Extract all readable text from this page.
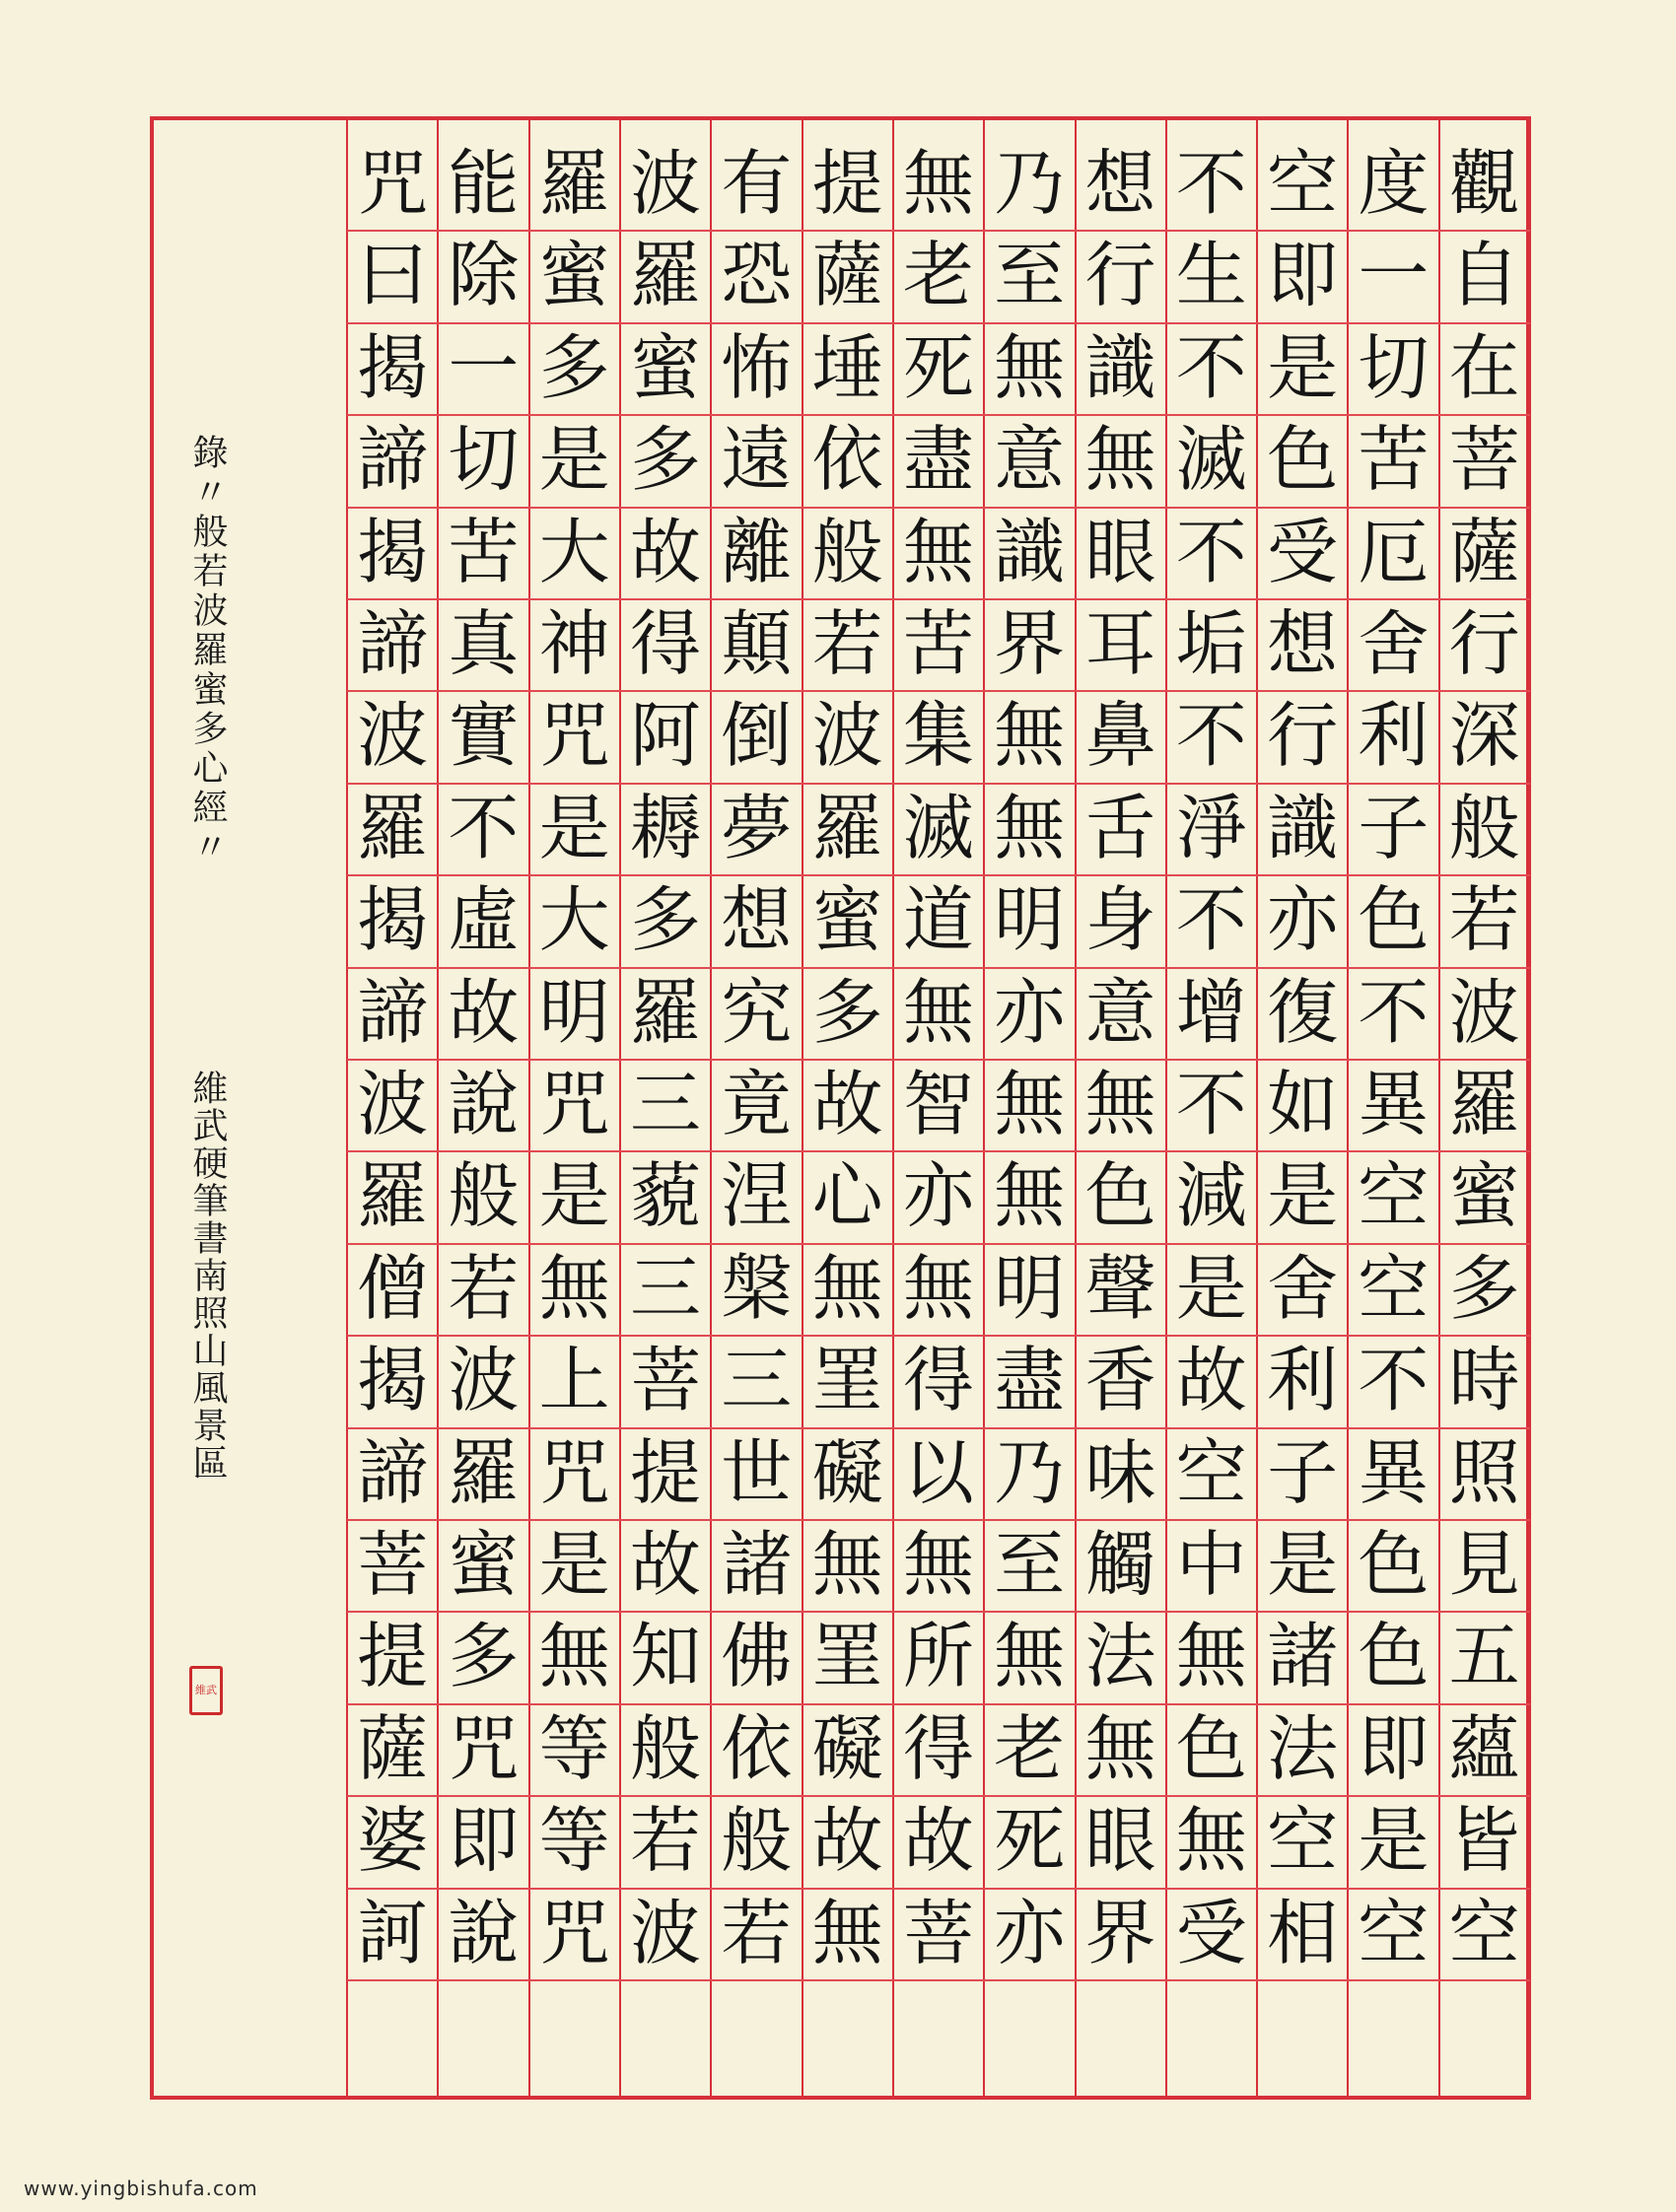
觀
自
在
菩
薩
行
深
般
若
波
羅
蜜
多
時
照
見
五
蘊
皆
空
度
一
切
苦
厄
舍
利
子
色
不
異
空
空
不
異
色
色
即
是
空
空
即
是
色
受
想
行
識
亦
復
如
是
舍
利
子
是
諸
法
空
相
不
生
不
滅
不
垢
不
淨
不
增
不
減
是
故
空
中
無
色
無
受
想
行
識
無
眼
耳
鼻
舌
身
意
無
色
聲
香
味
觸
法
無
眼
界
乃
至
無
意
識
界
無
無
明
亦
無
無
明
盡
乃
至
無
老
死
亦
無
老
死
盡
無
苦
集
滅
道
無
智
亦
無
得
以
無
所
得
故
菩
提
薩
埵
依
般
若
波
羅
蜜
多
故
心
無
罣
礙
無
罣
礙
故
無
有
恐
怖
遠
離
顛
倒
夢
想
究
竟
涅
槃
三
世
諸
佛
依
般
若
波
羅
蜜
多
故
得
阿
耨
多
羅
三
藐
三
菩
提
故
知
般
若
波
羅
蜜
多
是
大
神
咒
是
大
明
咒
是
無
上
咒
是
無
等
等
咒
能
除
一
切
苦
真
實
不
虛
故
說
般
若
波
羅
蜜
多
咒
即
說
咒
曰
揭
諦
揭
諦
波
羅
揭
諦
波
羅
僧
揭
諦
菩
提
薩
婆
訶
錄〃般若波羅蜜多心經〃
維武硬筆書南照山風景區
維武
www.yingbishufa.com
